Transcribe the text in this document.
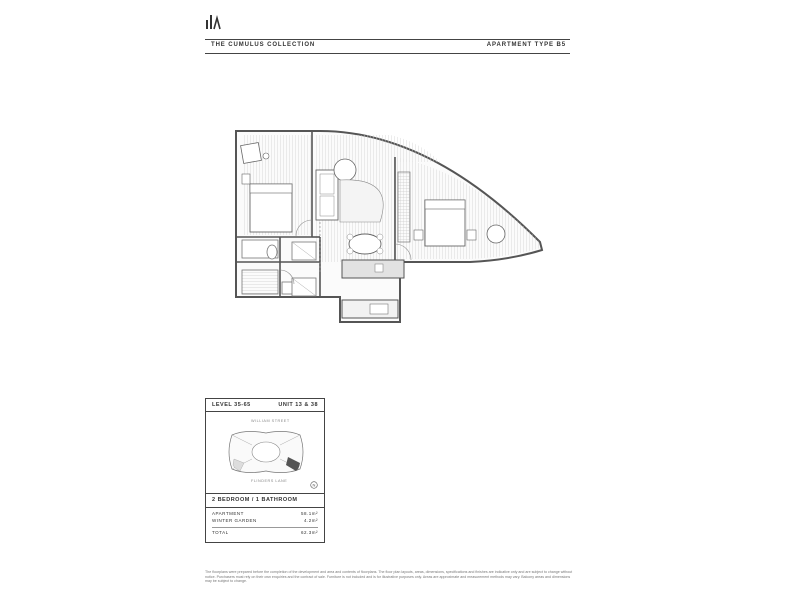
THE CUMULUS COLLECTION	APARTMENT TYPE B5
LEVEL 35-65	UNIT 13 & 38
WILLIAM STREET
FLINDERS LANE
N
2 BEDROOM / 1 BATHROOM
APARTMENT	58.1m²
WINTER GARDEN	4.2m²
TOTAL	62.3m²
The floorplans were prepared before the completion of the development and area and contents of floorplans. The floor plan layouts, areas, dimensions, specifications and finishes are indicative only and are subject to change without notice. Purchasers must rely on their own enquiries and the contract of sale. Furniture is not included and is for illustrative purposes only. Areas are approximate and measurement methods may vary. Balcony areas and dimensions may be subject to change.
